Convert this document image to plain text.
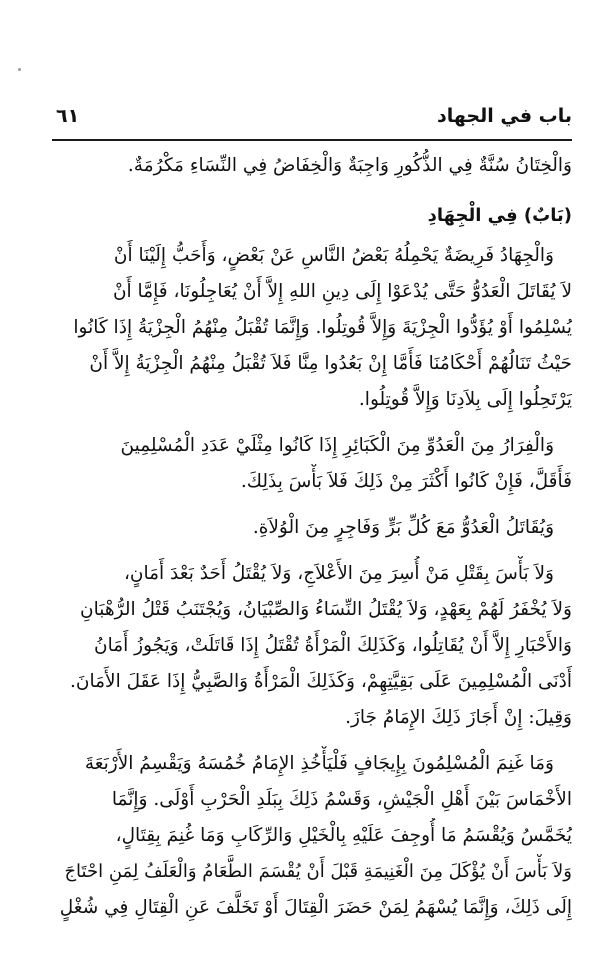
باب في الجهاد
٦١
وَالْخِتَانُ سُنَّةٌ فِي الذُّكُورِ وَاجِبَةٌ وَالْخِفَاضُ فِي النِّسَاءِ مَكْرُمَةٌ.
(بَابٌ) فِي الْجِهَادِ
وَالْجِهَادُ فَرِيضَةٌ يَحْمِلُهُ بَعْضُ النَّاسِ عَنْ بَعْضٍ، وَأَحَبُّ إِلَيْنَا أَنْ
لاَ يُقَاتَلَ الْعَدُوُّ حَتَّى يُدْعَوْا إِلَى دِينِ اللهِ إِلاَّ أَنْ يُعَاجِلُونَا، فَإِمَّا أَنْ
يُسْلِمُوا أَوْ يُؤَدُّوا الْجِزْيَةَ وَإِلاَّ قُوتِلُوا. وَإِنَّمَا تُقْبَلُ مِنْهُمُ الْجِزْيَةُ إِذَا كَانُوا
حَيْثُ تَنَالُهُمْ أَحْكَامُنَا فَأَمَّا إِنْ بَعُدُوا مِنَّا فَلاَ تُقْبَلُ مِنْهُمُ الْجِزْيَةُ إِلاَّ أَنْ
يَرْتَحِلُوا إِلَى بِلاَدِنَا وَإِلاَّ قُوتِلُوا.
وَالْفِرَارُ مِنَ الْعَدُوِّ مِنَ الْكَبَائِرِ إِذَا كَانُوا مِثْلَيْ عَدَدِ الْمُسْلِمِينَ
فَأَقَلَّ، فَإِنْ كَانُوا أَكْثَرَ مِنْ ذَلِكَ فَلاَ بَأْسَ بِذَلِكَ.
وَيُقَاتَلُ الْعَدُوُّ مَعَ كُلِّ بَرٍّ وَفَاجِرٍ مِنَ الْوُلاَةِ.
وَلاَ بَأْسَ بِقَتْلِ مَنْ أُسِرَ مِنَ الأَعْلاَجِ، وَلاَ يُقْتَلُ أَحَدٌ بَعْدَ أَمَانٍ،
وَلاَ يُخْفَرُ لَهُمْ بِعَهْدٍ، وَلاَ يُقْتَلُ النِّسَاءُ وَالصِّبْيَانُ، وَيُجْتَنَبُ قَتْلُ الرُّهْبَانِ
وَالأَحْبَارِ إِلاَّ أَنْ يُقَاتِلُوا، وَكَذَلِكَ الْمَرْأَةُ تُقْتَلُ إِذَا قَاتَلَتْ، وَيَجُوزُ أَمَانُ
أَدْنَى الْمُسْلِمِينَ عَلَى بَقِيَّتِهِمْ، وَكَذَلِكَ الْمَرْأَةُ وَالصَّبِيُّ إِذَا عَقَلَ الأَمَانَ.
وَقِيلَ: إِنْ أَجَازَ ذَلِكَ الإِمَامُ جَازَ.
وَمَا غَنِمَ الْمُسْلِمُونَ بِإِيجَافٍ فَلْيَأْخُذِ الإِمَامُ خُمُسَهُ وَيَقْسِمُ الأَرْبَعَةَ
الأَخْمَاسَ بَيْنَ أَهْلِ الْجَيْشِ، وَقَسْمُ ذَلِكَ بِبَلَدِ الْحَرْبِ أَوْلَى. وَإِنَّمَا
يُخَمَّسُ وَيُقْسَمُ مَا أُوجِفَ عَلَيْهِ بِالْخَيْلِ وَالرِّكَابِ وَمَا غُنِمَ بِقِتَالٍ،
وَلاَ بَأْسَ أَنْ يُؤْكَلَ مِنَ الْغَنِيمَةِ قَبْلَ أَنْ يُقْسَمَ الطَّعَامُ وَالْعَلَفُ لِمَنِ احْتَاجَ
إِلَى ذَلِكَ، وَإِنَّمَا يُسْهَمُ لِمَنْ حَضَرَ الْقِتَالَ أَوْ تَخَلَّفَ عَنِ الْقِتَالِ فِي شُغْلٍ
